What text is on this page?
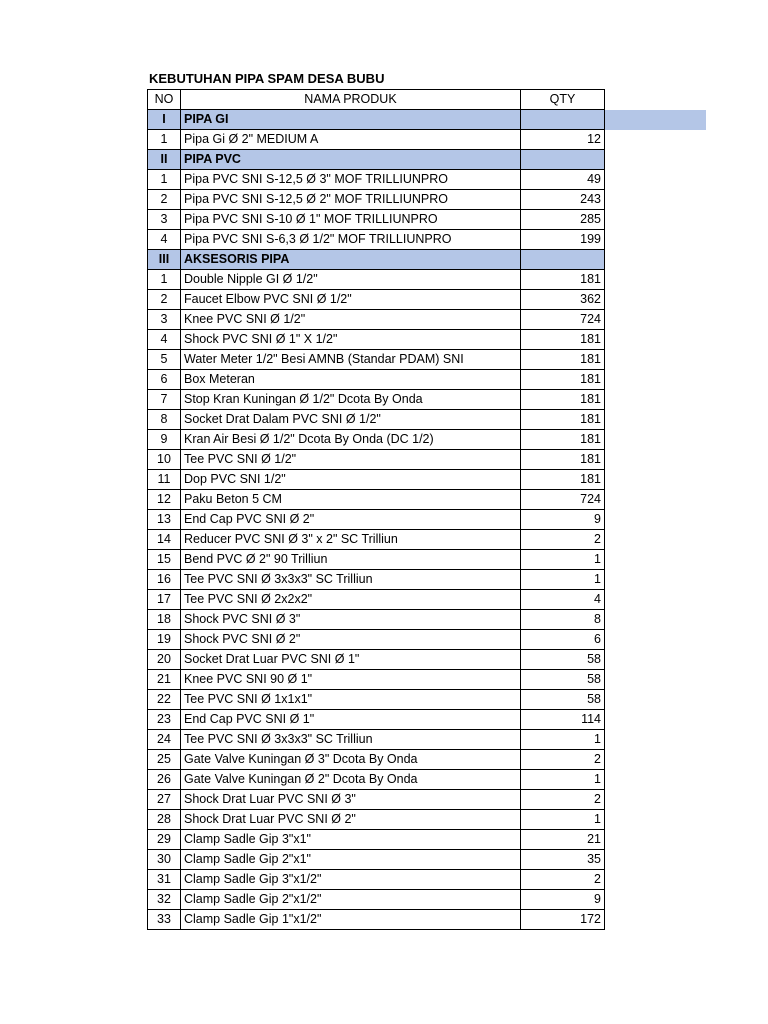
KEBUTUHAN PIPA SPAM DESA BUBU
NO	NAMA PRODUK	QTY
I	PIPA GI	
1	Pipa Gi Ø 2" MEDIUM A	12
II	PIPA PVC	
1	Pipa PVC SNI S-12,5 Ø 3" MOF TRILLIUNPRO	49
2	Pipa PVC SNI S-12,5 Ø 2" MOF TRILLIUNPRO	243
3	Pipa PVC SNI S-10 Ø 1" MOF TRILLIUNPRO	285
4	Pipa PVC SNI S-6,3 Ø 1/2" MOF TRILLIUNPRO	199
III	AKSESORIS PIPA	
1	Double Nipple GI Ø 1/2"	181
2	Faucet Elbow PVC SNI Ø 1/2"	362
3	Knee PVC SNI Ø 1/2"	724
4	Shock PVC SNI Ø 1" X 1/2"	181
5	Water Meter 1/2" Besi AMNB (Standar PDAM) SNI	181
6	Box Meteran	181
7	Stop Kran Kuningan Ø 1/2" Dcota By Onda	181
8	Socket Drat Dalam PVC SNI Ø 1/2"	181
9	Kran Air Besi Ø 1/2" Dcota By Onda (DC 1/2)	181
10	Tee PVC SNI Ø 1/2"	181
11	Dop PVC SNI 1/2"	181
12	Paku Beton 5 CM	724
13	End Cap PVC SNI Ø 2"	9
14	Reducer PVC SNI Ø 3" x 2" SC Trilliun	2
15	Bend PVC Ø 2" 90 Trilliun	1
16	Tee PVC SNI Ø 3x3x3" SC Trilliun	1
17	Tee PVC SNI Ø 2x2x2"	4
18	Shock PVC SNI Ø 3"	8
19	Shock PVC SNI Ø 2"	6
20	Socket Drat Luar PVC SNI Ø 1"	58
21	Knee PVC SNI 90 Ø 1"	58
22	Tee PVC SNI Ø 1x1x1"	58
23	End Cap PVC SNI Ø 1"	114
24	Tee PVC SNI Ø 3x3x3" SC Trilliun	1
25	Gate Valve Kuningan Ø 3" Dcota By Onda	2
26	Gate Valve Kuningan Ø 2" Dcota By Onda	1
27	Shock Drat Luar PVC SNI Ø 3"	2
28	Shock Drat Luar PVC SNI Ø 2"	1
29	Clamp Sadle Gip 3"x1"	21
30	Clamp Sadle Gip 2"x1"	35
31	Clamp Sadle Gip 3"x1/2"	2
32	Clamp Sadle Gip 2"x1/2"	9
33	Clamp Sadle Gip 1"x1/2"	172
